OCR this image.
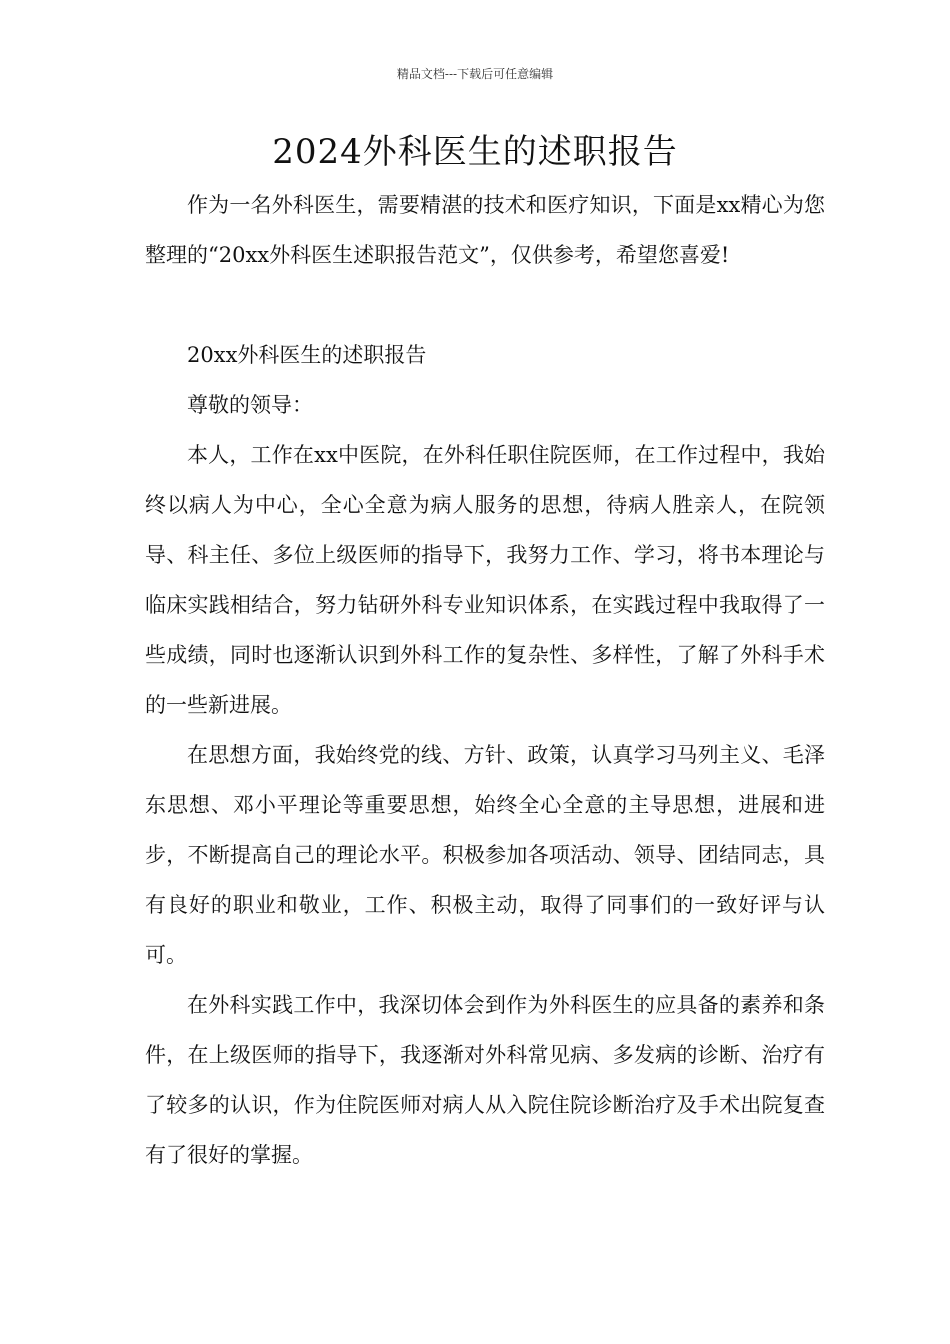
精品文档---下载后可任意编辑
2024外科医生的述职报告

作为一名外科医生，需要精湛的技术和医疗知识，下面是xx精心为您整理的“20xx外科医生述职报告范文”，仅供参考，希望您喜爱!

20xx外科医生的述职报告

尊敬的领导：

本人，工作在xx中医院，在外科任职住院医师，在工作过程中，我始终以病人为中心，全心全意为病人服务的思想，待病人胜亲人，在院领导、科主任、多位上级医师的指导下，我努力工作、学习，将书本理论与临床实践相结合，努力钻研外科专业知识体系，在实践过程中我取得了一些成绩，同时也逐渐认识到外科工作的复杂性、多样性，了解了外科手术的一些新进展。

在思想方面，我始终党的线、方针、政策，认真学习马列主义、毛泽东思想、邓小平理论等重要思想，始终全心全意的主导思想，进展和进步，不断提高自己的理论水平。积极参加各项活动、领导、团结同志，具有良好的职业和敬业，工作、积极主动，取得了同事们的一致好评与认可。

在外科实践工作中，我深切体会到作为外科医生的应具备的素养和条件，在上级医师的指导下，我逐渐对外科常见病、多发病的诊断、治疗有了较多的认识，作为住院医师对病人从入院住院诊断治疗及手术出院复查有了很好的掌握。
